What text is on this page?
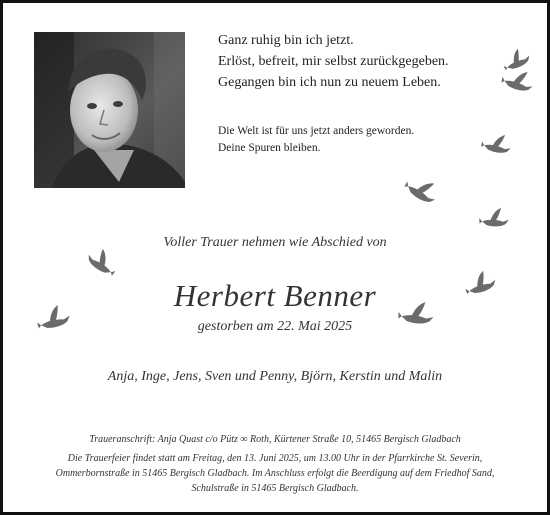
Ganz ruhig bin ich jetzt.
Erlöst, befreit, mir selbst zurückgegeben.
Gegangen bin ich nun zu neuem Leben.
Die Welt ist für uns jetzt anders geworden.
Deine Spuren bleiben.
Voller Trauer nehmen wie Abschied von
Herbert Benner
gestorben am 22. Mai 2025
Anja, Inge, Jens, Sven und Penny, Björn, Kerstin und Malin
Traueranschrift: Anja Quast c/o Pütz ∞ Roth, Kürtener Straße 10, 51465 Bergisch Gladbach
Die Trauerfeier findet statt am Freitag, den 13. Juni 2025, um 13.00 Uhr in der Pfarrkirche St. Severin,
Ommerbornstraße in 51465 Bergisch Gladbach. Im Anschluss erfolgt die Beerdigung auf dem Friedhof Sand,
Schulstraße in 51465 Bergisch Gladbach.
